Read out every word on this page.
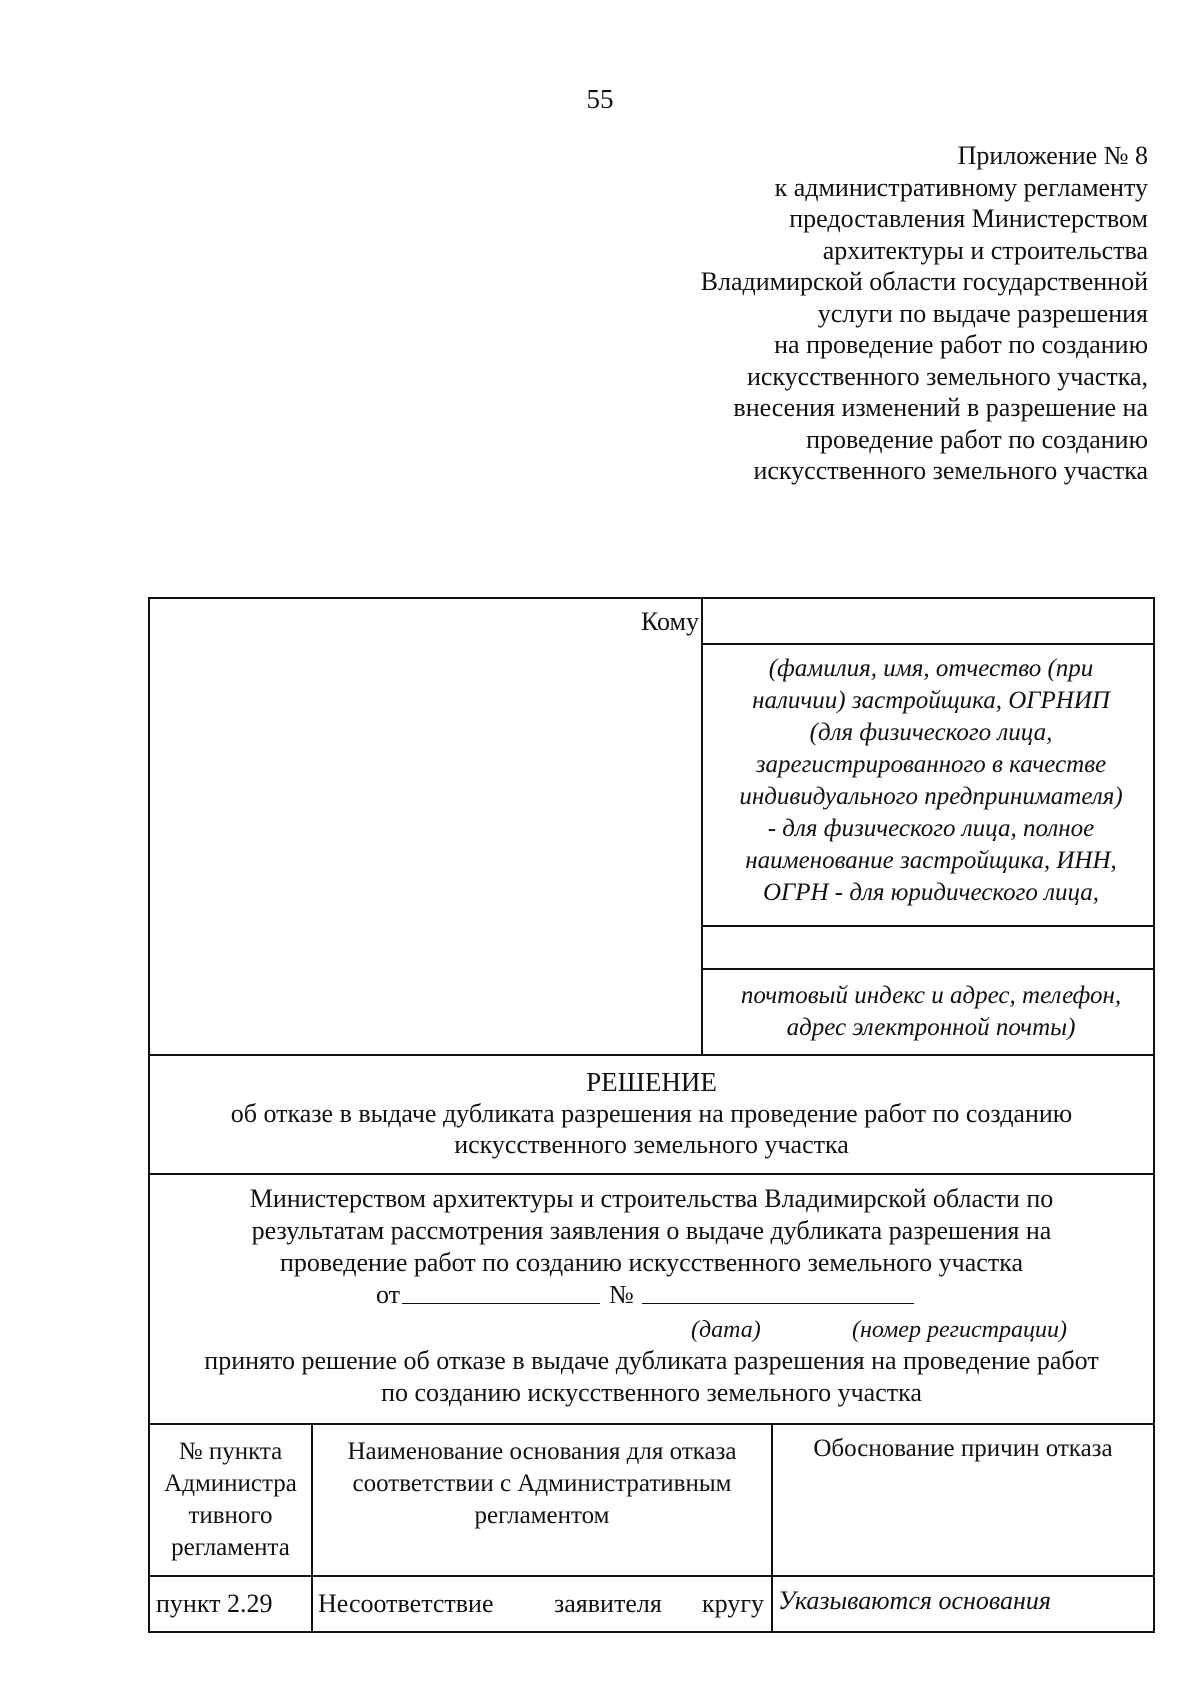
55
Приложение № 8
к административному регламенту
предоставления Министерством
архитектуры и строительства
Владимирской области государственной
услуги по выдаче разрешения
на проведение работ по созданию
искусственного земельного участка,
внесения изменений в разрешение на
проведение работ по созданию
искусственного земельного участка
Кому
(фамилия, имя, отчество (при
наличии) застройщика, ОГРНИП
(для физического лица,
зарегистрированного в качестве
индивидуального предпринимателя)
- для физического лица, полное
наименование застройщика, ИНН,
ОГРН - для юридического лица,
почтовый индекс и адрес, телефон,
адрес электронной почты)
РЕШЕНИЕ
об отказе в выдаче дубликата разрешения на проведение работ по созданию
искусственного земельного участка
Министерством архитектуры и строительства Владимирской области по
результатам рассмотрения заявления о выдаче дубликата разрешения на
проведение работ по созданию искусственного земельного участка
от	№
(дата)	(номер регистрации)
принято решение об отказе в выдаче дубликата разрешения на проведение работ
по созданию искусственного земельного участка
№ пункта
Администра
тивного
регламента
Наименование основания для отказа
соответствии с Административным
регламентом
Обоснование причин отказа
пункт 2.29 Несоответствие заявителя кругу Указываются основания
